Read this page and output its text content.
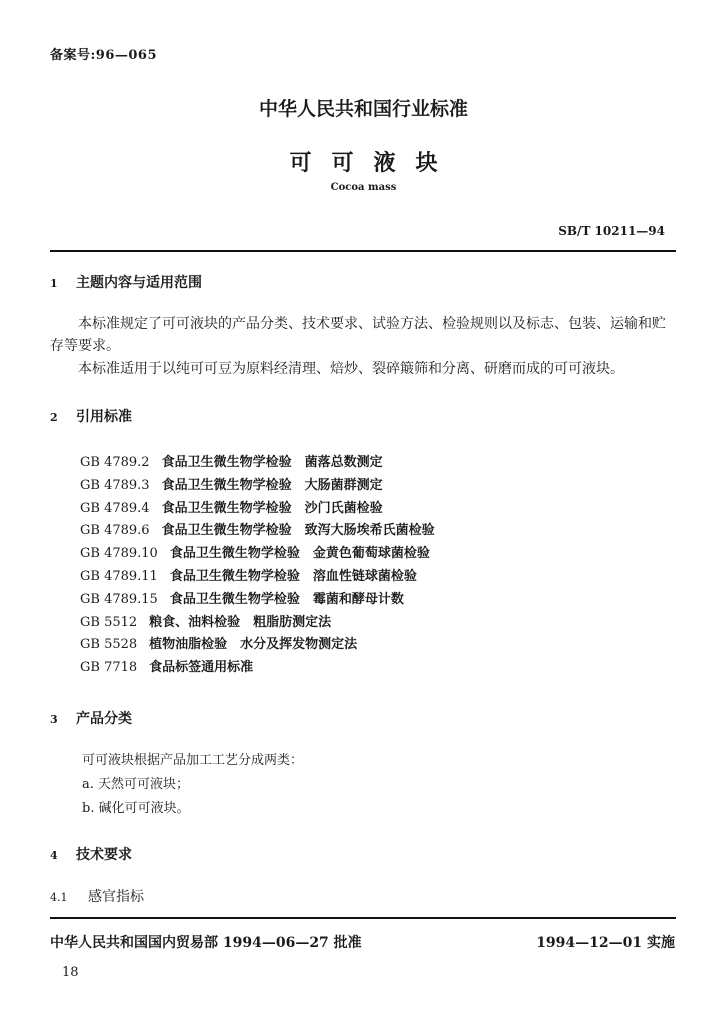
备案号:96—065
中华人民共和国行业标准
可可液块
Cocoa mass
SB/T 10211—94
1 主题内容与适用范围
本标准规定了可可液块的产品分类、技术要求、试验方法、检验规则以及标志、包装、运输和贮存等要求。
本标准适用于以纯可可豆为原料经清理、焙炒、裂碎簸筛和分离、研磨而成的可可液块。
2 引用标准
GB 4789.2 食品卫生微生物学检验　菌落总数测定
GB 4789.3 食品卫生微生物学检验　大肠菌群测定
GB 4789.4 食品卫生微生物学检验　沙门氏菌检验
GB 4789.6 食品卫生微生物学检验　致泻大肠埃希氏菌检验
GB 4789.10 食品卫生微生物学检验　金黄色葡萄球菌检验
GB 4789.11 食品卫生微生物学检验　溶血性链球菌检验
GB 4789.15 食品卫生微生物学检验　霉菌和酵母计数
GB 5512 粮食、油料检验　粗脂肪测定法
GB 5528 植物油脂检验　水分及挥发物测定法
GB 7718 食品标签通用标准
3 产品分类
可可液块根据产品加工工艺分成两类：
a. 天然可可液块；
b. 碱化可可液块。
4 技术要求
4.1 感官指标
中华人民共和国国内贸易部 1994—06—27 批准	1994—12—01 实施
18
